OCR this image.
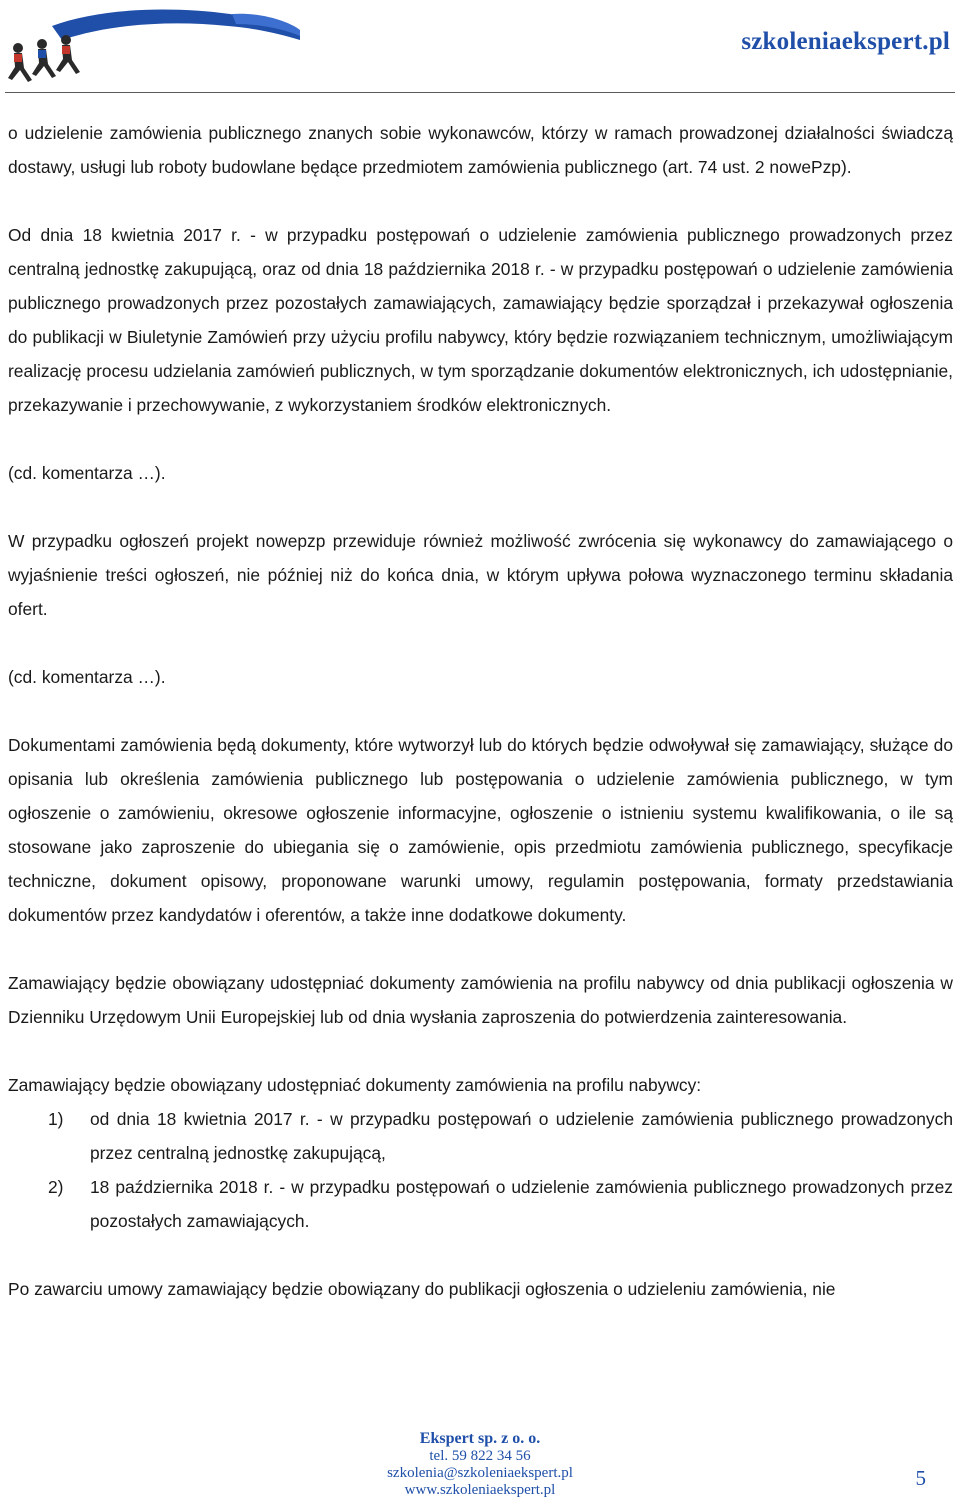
szkoleniaekspert.pl

o udzielenie zamówienia publicznego znanych sobie wykonawców, którzy w ramach prowadzonej działalności świadczą dostawy, usługi lub roboty budowlane będące przedmiotem zamówienia publicznego (art. 74 ust. 2 nowePzp).

Od dnia 18 kwietnia 2017 r. - w przypadku postępowań o udzielenie zamówienia publicznego prowadzonych przez centralną jednostkę zakupującą, oraz od dnia 18 października 2018 r. - w przypadku postępowań o udzielenie zamówienia publicznego prowadzonych przez pozostałych zamawiających, zamawiający będzie sporządzał i przekazywał ogłoszenia do publikacji w Biuletynie Zamówień przy użyciu profilu nabywcy, który będzie rozwiązaniem technicznym, umożliwiającym realizację procesu udzielania zamówień publicznych, w tym sporządzanie dokumentów elektronicznych, ich udostępnianie, przekazywanie i przechowywanie, z wykorzystaniem środków elektronicznych.

(cd. komentarza …).

W przypadku ogłoszeń projekt nowepzp przewiduje również możliwość zwrócenia się wykonawcy do zamawiającego o wyjaśnienie treści ogłoszeń, nie później niż do końca dnia, w którym upływa połowa wyznaczonego terminu składania ofert.

(cd. komentarza …).

Dokumentami zamówienia będą dokumenty, które wytworzył lub do których będzie odwoływał się zamawiający, służące do opisania lub określenia zamówienia publicznego lub postępowania o udzielenie zamówienia publicznego, w tym ogłoszenie o zamówieniu, okresowe ogłoszenie informacyjne, ogłoszenie o istnieniu systemu kwalifikowania, o ile są stosowane jako zaproszenie do ubiegania się o zamówienie, opis przedmiotu zamówienia publicznego, specyfikacje techniczne, dokument opisowy, proponowane warunki umowy, regulamin postępowania, formaty przedstawiania dokumentów przez kandydatów i oferentów, a także inne dodatkowe dokumenty.

Zamawiający będzie obowiązany udostępniać dokumenty zamówienia na profilu nabywcy od dnia publikacji ogłoszenia w Dzienniku Urzędowym Unii Europejskiej lub od dnia wysłania zaproszenia do potwierdzenia zainteresowania.

Zamawiający będzie obowiązany udostępniać dokumenty zamówienia na profilu nabywcy:

1) od dnia 18 kwietnia 2017 r. - w przypadku postępowań o udzielenie zamówienia publicznego prowadzonych przez centralną jednostkę zakupującą,
2) 18 października 2018 r. - w przypadku postępowań o udzielenie zamówienia publicznego prowadzonych przez pozostałych zamawiających.

Po zawarciu umowy zamawiający będzie obowiązany do publikacji ogłoszenia o udzieleniu zamówienia, nie

Ekspert sp. z o. o.
tel. 59 822 34 56
szkolenia@szkoleniaekspert.pl
www.szkoleniaekspert.pl	5
